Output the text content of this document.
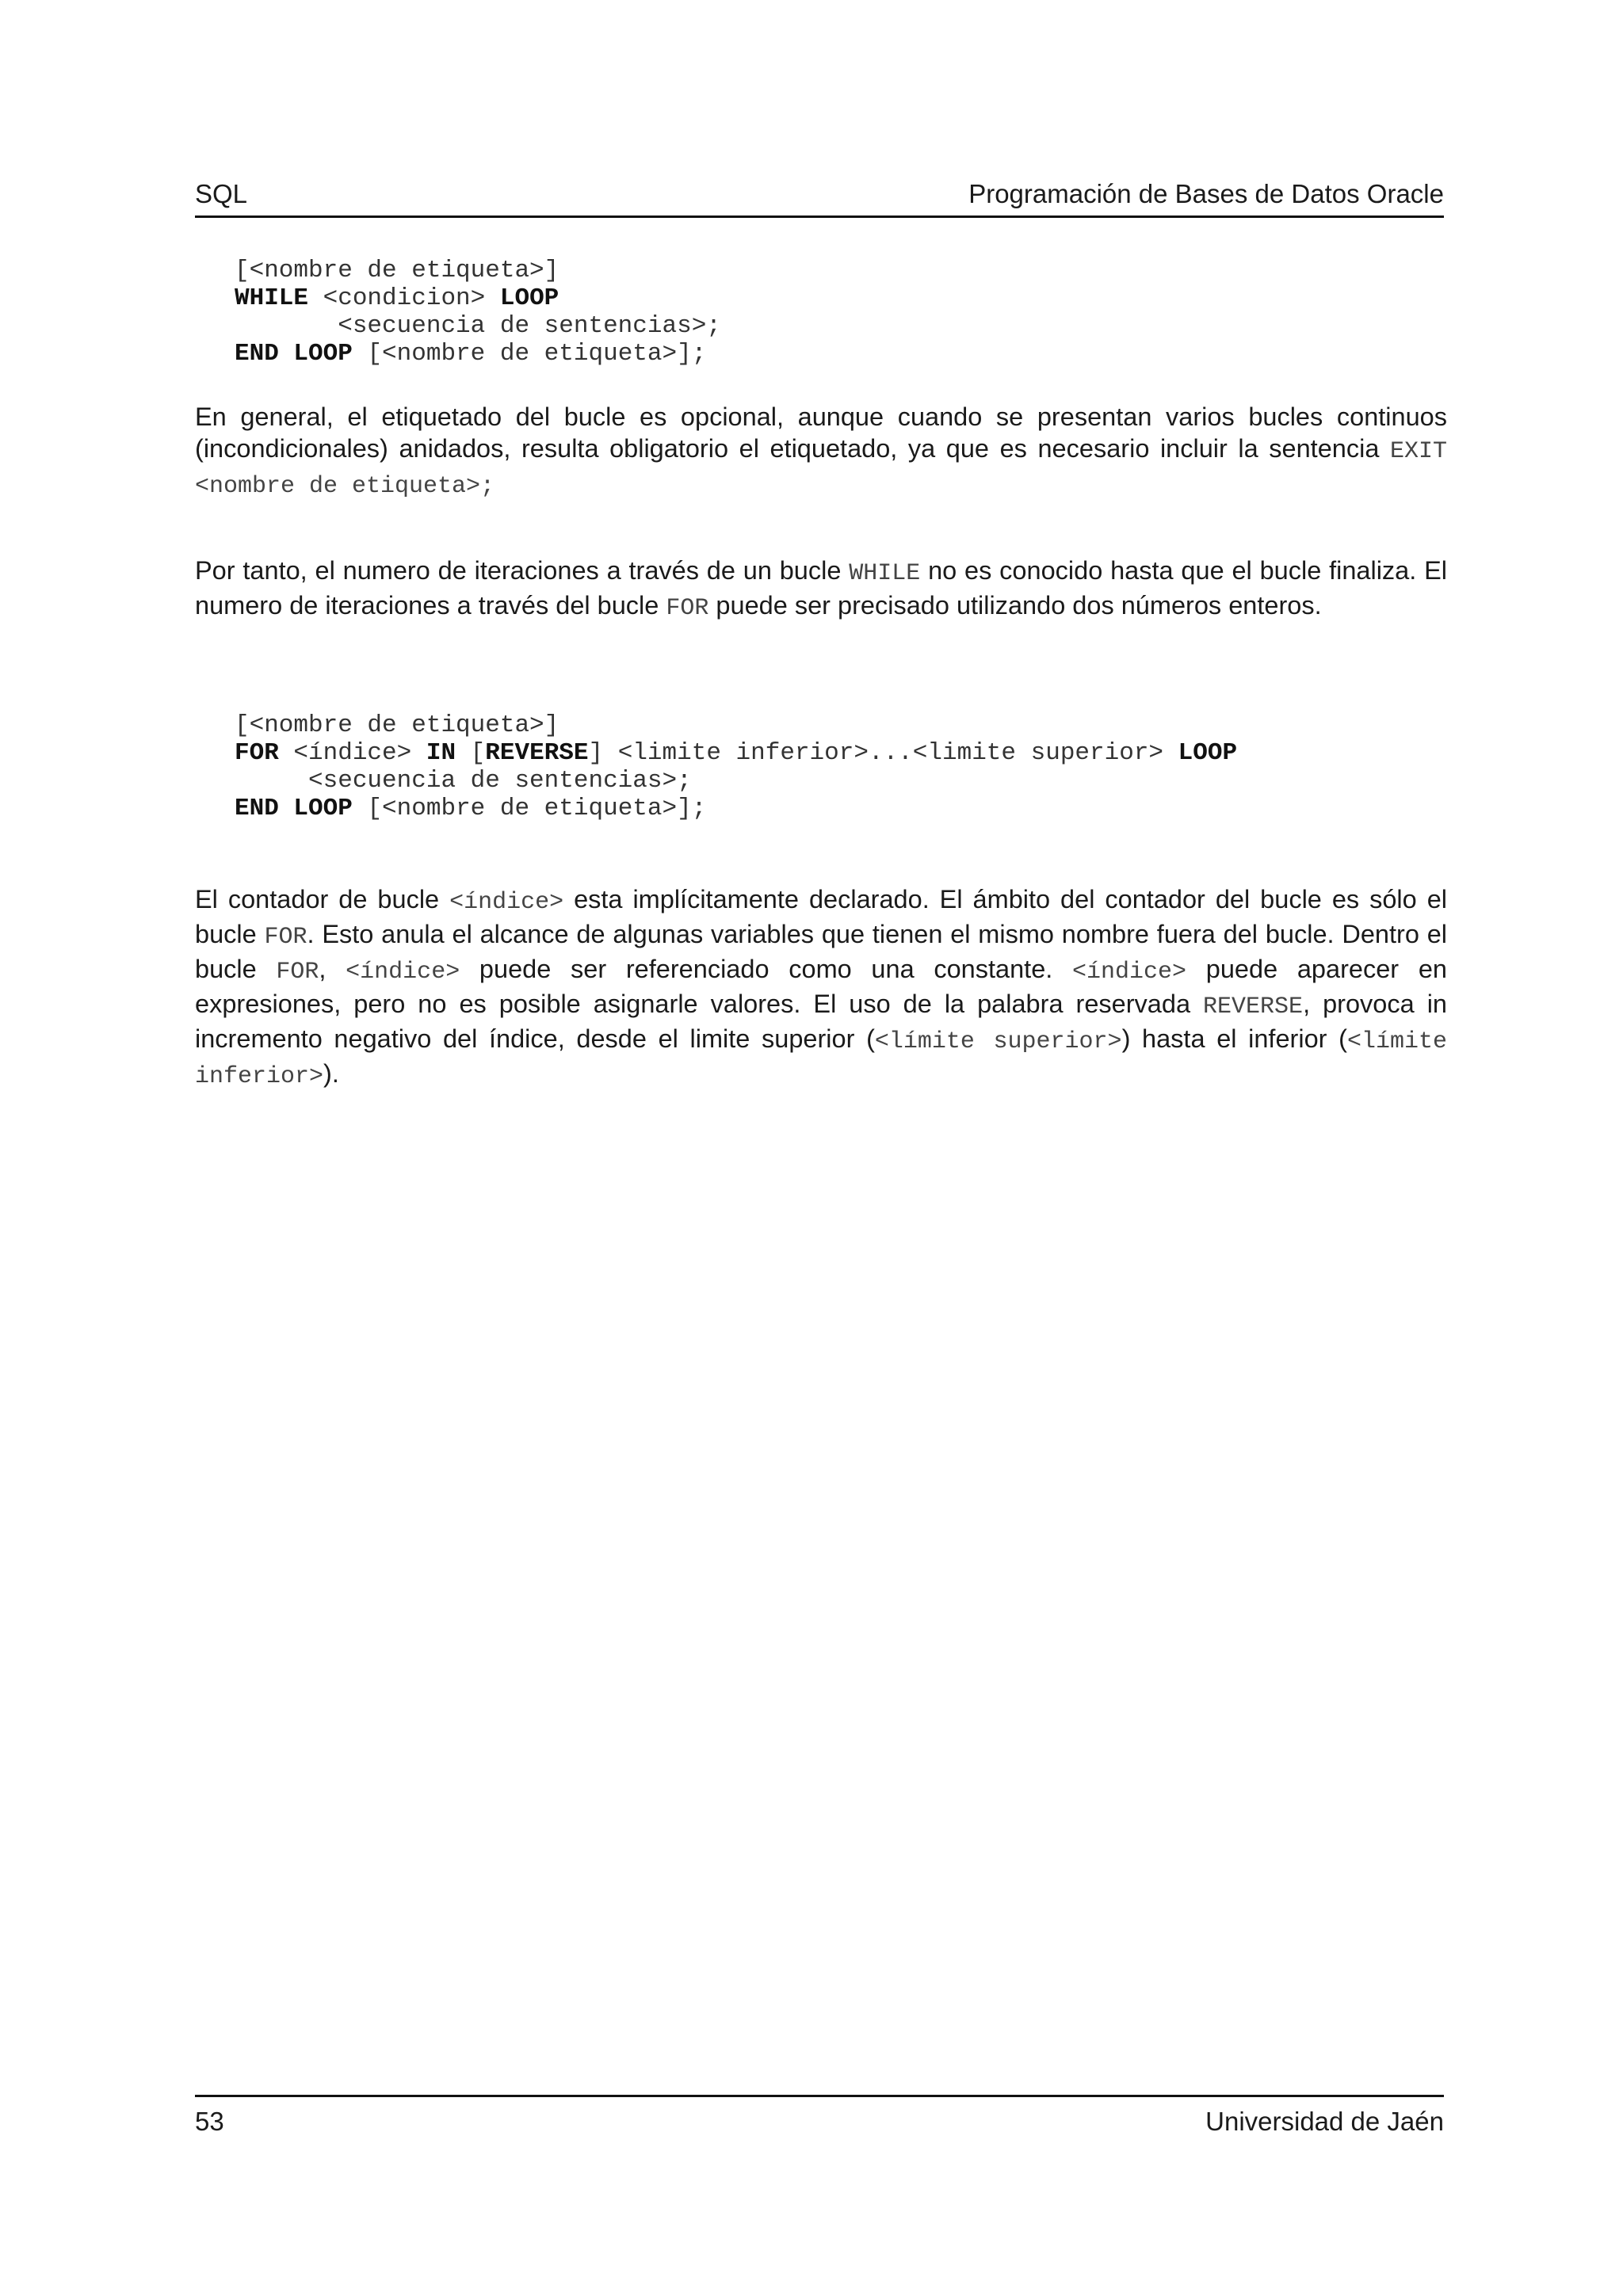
SQL	Programación de Bases de Datos Oracle
[<nombre de etiqueta>]
WHILE <condicion> LOOP
<secuencia de sentencias>;
END LOOP [<nombre de etiqueta>];
En general, el etiquetado del bucle es opcional, aunque cuando se presentan varios bucles continuos (incondicionales) anidados, resulta obligatorio el etiquetado, ya que es necesario incluir la sentencia EXIT <nombre de etiqueta>;
Por tanto, el numero de iteraciones a través de un bucle WHILE no es conocido hasta que el bucle finaliza. El numero de iteraciones a través del bucle FOR puede ser precisado utilizando dos números enteros.
[<nombre de etiqueta>]
FOR <índice> IN [REVERSE] <limite inferior>...<limite superior> LOOP
<secuencia de sentencias>;
END LOOP [<nombre de etiqueta>];
El contador de bucle <índice> esta implícitamente declarado. El ámbito del contador del bucle es sólo el bucle FOR. Esto anula el alcance de algunas variables que tienen el mismo nombre fuera del bucle. Dentro el bucle FOR, <índice> puede ser referenciado como una constante. <índice> puede aparecer en expresiones, pero no es posible asignarle valores. El uso de la palabra reservada REVERSE, provoca in incremento negativo del índice, desde el limite superior (<límite superior>) hasta el inferior (<límite inferior>).
53	Universidad de Jaén
